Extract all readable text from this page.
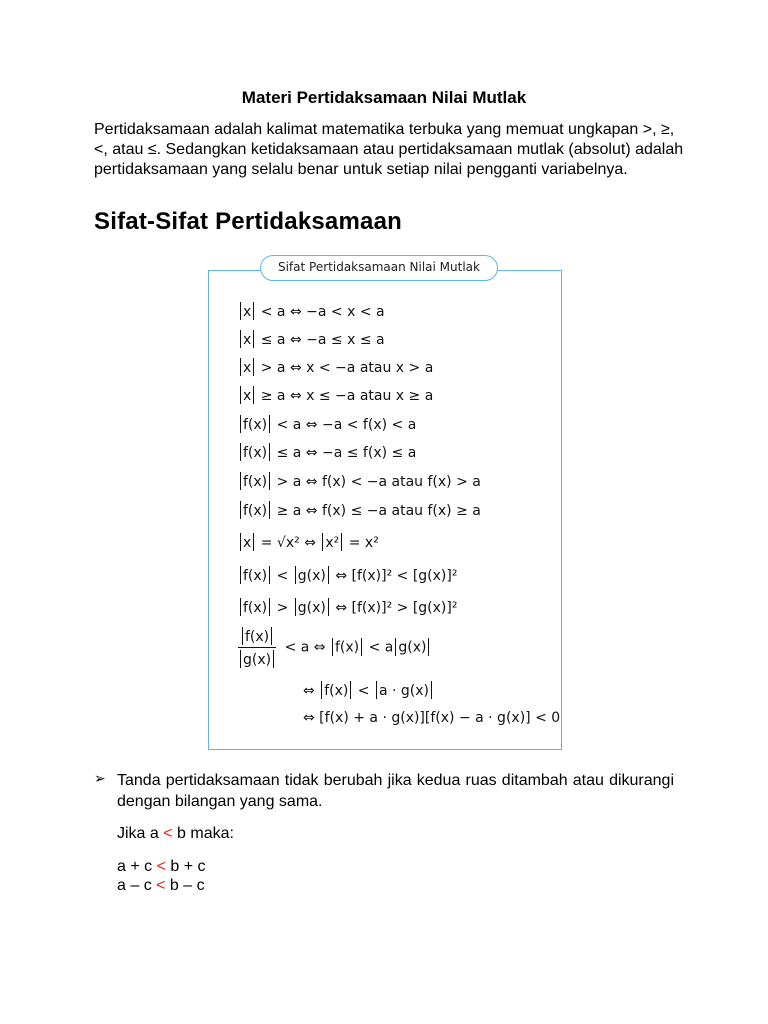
Materi Pertidaksamaan Nilai Mutlak

Pertidaksamaan adalah kalimat matematika terbuka yang memuat ungkapan >, ≥, <, atau ≤. Sedangkan ketidaksamaan atau pertidaksamaan mutlak (absolut) adalah pertidaksamaan yang selalu benar untuk setiap nilai pengganti variabelnya.

Sifat-Sifat Pertidaksamaan
Sifat Pertidaksamaan Nilai Mutlak
x < a ⇔ −a < x < a
x ≤ a ⇔ −a ≤ x ≤ a
x > a ⇔ x < −a atau x > a
x ≥ a ⇔ x ≤ −a atau x ≥ a
f(x) < a ⇔ −a < f(x) < a
f(x) ≤ a ⇔ −a ≤ f(x) ≤ a
f(x) > a ⇔ f(x) < −a atau f(x) > a
f(x) ≥ a ⇔ f(x) ≤ −a atau f(x) ≥ a
x = √x² ⇔ x² = x²
f(x) < g(x) ⇔ [f(x)]² < [g(x)]²
f(x) > g(x) ⇔ [f(x)]² > [g(x)]²
$\frac{f(x)}{g(x)} < a$ ⇔ f(x) < a g(x)
⇔ f(x) < a · g(x)
⇔ [f(x) + a · g(x)][f(x) − a · g(x)] < 0
➢ Tanda pertidaksamaan tidak berubah jika kedua ruas ditambah atau dikurangi dengan bilangan yang sama.

Jika a < b maka:
a + c < b + c
a – c < b – c
